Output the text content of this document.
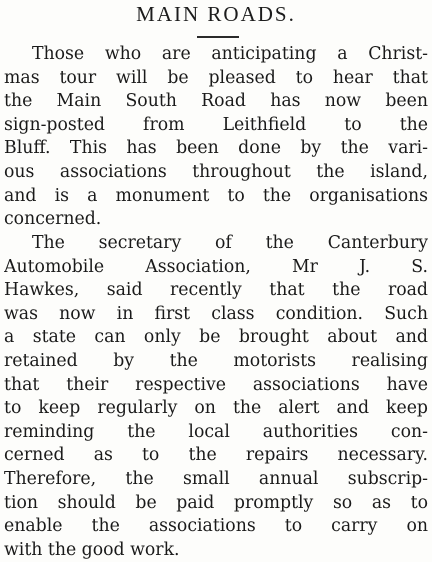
MAIN ROADS.

Those who are anticipating a Christ-
mas tour will be pleased to hear that
the Main South Road has now been
sign-posted from Leithfield to the
Bluff. This has been done by the vari-
ous associations throughout the island,
and is a monument to the organisations
concerned.

The secretary of the Canterbury
Automobile Association, Mr J. S.
Hawkes, said recently that the road
was now in first class condition. Such
a state can only be brought about and
retained by the motorists realising
that their respective associations have
to keep regularly on the alert and keep
reminding the local authorities con-
cerned as to the repairs necessary.
Therefore, the small annual subscrip-
tion should be paid promptly so as to
enable the associations to carry on
with the good work.
